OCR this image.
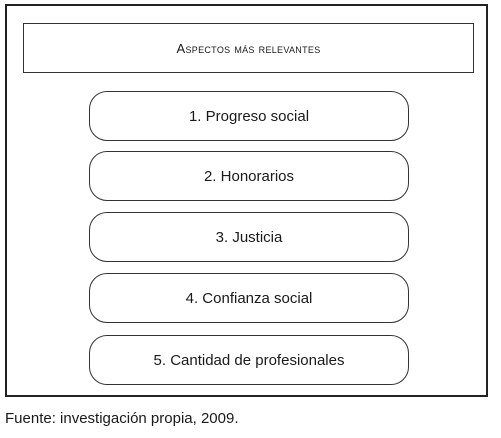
Aspectos más relevantes
1. Progreso social
2. Honorarios
3. Justicia
4. Confianza social
5. Cantidad de profesionales
Fuente: investigación propia, 2009.
